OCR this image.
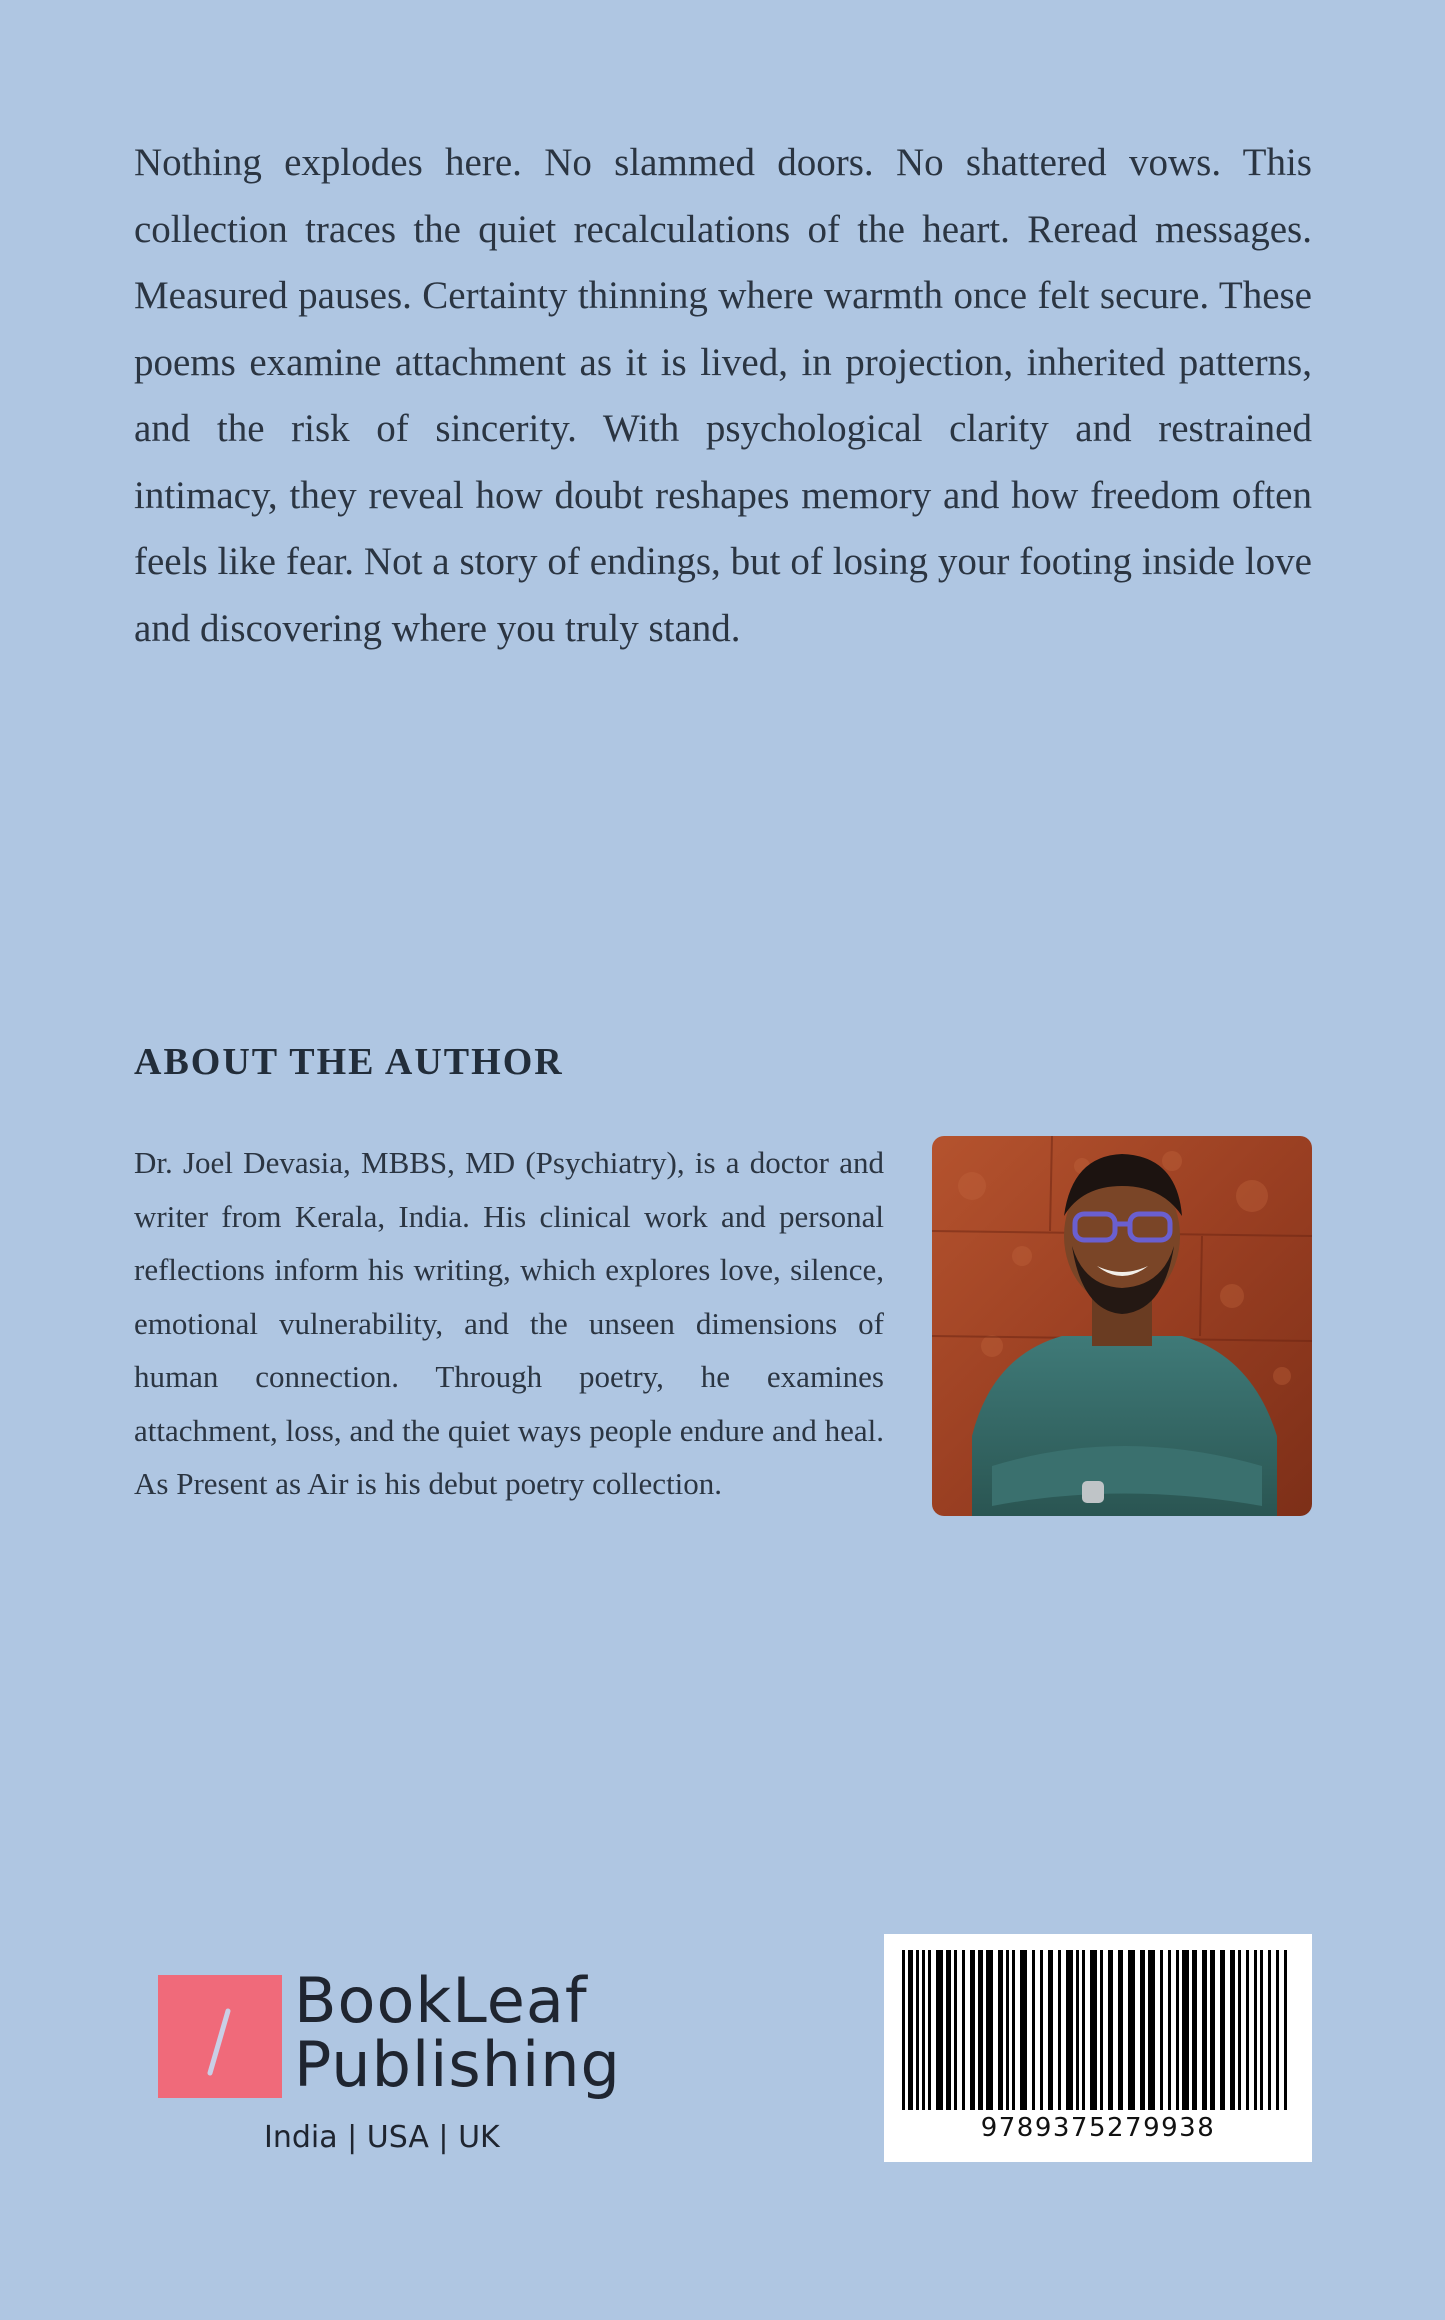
Nothing explodes here. No slammed doors. No shattered vows. This collection traces the quiet recalculations of the heart. Reread messages. Measured pauses. Certainty thinning where warmth once felt secure. These poems examine attachment as it is lived, in projection, inherited patterns, and the risk of sincerity. With psychological clarity and restrained intimacy, they reveal how doubt reshapes memory and how freedom often feels like fear. Not a story of endings, but of losing your footing inside love and discovering where you truly stand.

ABOUT THE AUTHOR

Dr. Joel Devasia, MBBS, MD (Psychiatry), is a doctor and writer from Kerala, India. His clinical work and personal reflections inform his writing, which explores love, silence, emotional vulnerability, and the unseen dimensions of human connection. Through poetry, he examines attachment, loss, and the quiet ways people endure and heal. As Present as Air is his debut poetry collection.

BookLeaf
Publishing
India | USA | UK	9789375279938
